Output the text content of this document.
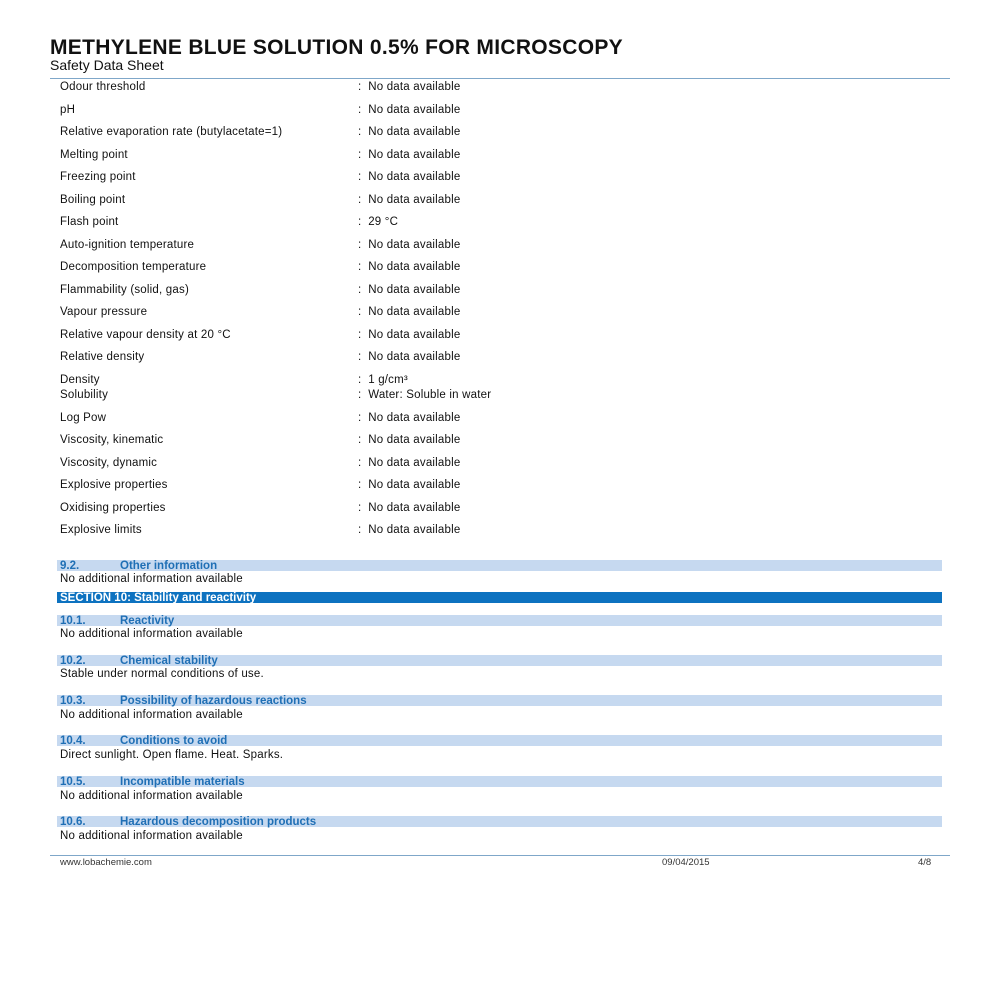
METHYLENE BLUE SOLUTION 0.5% FOR MICROSCOPY
Safety Data Sheet
Odour threshold	: No data available
pH	: No data available
Relative evaporation rate (butylacetate=1)	: No data available
Melting point	: No data available
Freezing point	: No data available
Boiling point	: No data available
Flash point	: 29 °C
Auto-ignition temperature	: No data available
Decomposition temperature	: No data available
Flammability (solid, gas)	: No data available
Vapour pressure	: No data available
Relative vapour density at 20 °C	: No data available
Relative density	: No data available
Density	: 1 g/cm³
Solubility	: Water: Soluble in water
Log Pow	: No data available
Viscosity, kinematic	: No data available
Viscosity, dynamic	: No data available
Explosive properties	: No data available
Oxidising properties	: No data available
Explosive limits	: No data available
9.2.	Other information
No additional information available
SECTION 10: Stability and reactivity
10.1.	Reactivity
No additional information available
10.2.	Chemical stability
Stable under normal conditions of use.
10.3.	Possibility of hazardous reactions
No additional information available
10.4.	Conditions to avoid
Direct sunlight. Open flame. Heat. Sparks.
10.5.	Incompatible materials
No additional information available
10.6.	Hazardous decomposition products
No additional information available
www.lobachemie.com	09/04/2015	4/8
